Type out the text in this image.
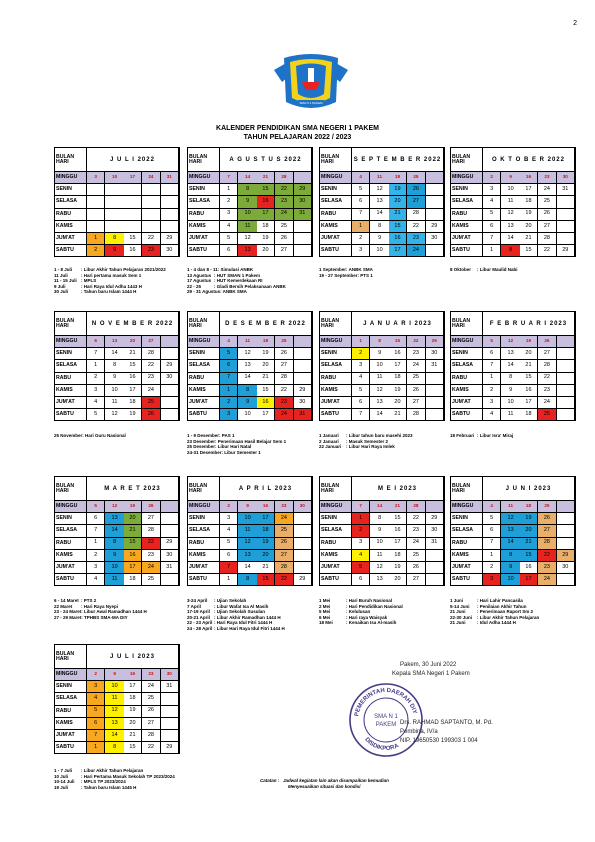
2
SMA N 1 PAKEM
KALENDER PENDIDIKAN SMA NEGERI 1 PAKEM
TAHUN PELAJARAN 2022 / 2023
BULAN	J U L I 2022
HARI
MINGGU	3	10	17	24	31
SENIN
SELASA
RABU
KAMIS
JUM'AT	1	8	15	22	29
SABTU	2	9	16	23	30
BULAN	A G U S T U S 2022
HARI
MINGGU	7	14	21	28
SENIN	1	8	15	22	29
SELASA	2	9	16	23	30
RABU	3	10	17	24	31
KAMIS	4	11	18	25
JUM'AT	5	12	19	26
SABTU	6	13	20	27
BULAN	S E P T E M B E R 2022
HARI
MINGGU	4	11	18	25
SENIN	5	12	19	26
SELASA	6	13	20	27
RABU	7	14	21	28
KAMIS	1	8	15	22	29
JUM'AT	2	9	16	23	30
SABTU	3	10	17	24
BULAN	O K T O B E R 2022
HARI
MINGGU	2	9	16	23	30
SENIN	3	10	17	24	31
SELASA	4	11	18	25
RABU	5	12	19	26
KAMIS	6	13	20	27
JUM'AT	7	14	21	28
SABTU	1	8	15	22	29
BULAN	N O V E M B E R 2022
HARI
MINGGU	6	13	20	27
SENIN	7	14	21	28
SELASA	1	8	15	22	29
RABU	2	9	16	23	30
KAMIS	3	10	17	24
JUM'AT	4	11	18	25
SABTU	5	12	19	26
BULAN	D E S E M B E R 2022
HARI
MINGGU	4	11	18	25
SENIN	5	12	19	26
SELASA	6	13	20	27
RABU	7	14	21	28
KAMIS	1	8	15	22	29
JUM'AT	2	9	16	23	30
SABTU	3	10	17	24	31
BULAN	J A N U A R I 2023
HARI
MINGGU	1	8	15	22	29
SENIN	2	9	16	23	30
SELASA	3	10	17	24	31
RABU	4	11	18	25
KAMIS	5	12	19	26
JUM'AT	6	13	20	27
SABTU	7	14	21	28
BULAN	F E B R U A R I 2023
HARI
MINGGU	5	12	19	26
SENIN	6	13	20	27
SELASA	7	14	21	28
RABU	1	8	15	22
KAMIS	2	9	16	23
JUM'AT	3	10	17	24
SABTU	4	11	18	25
BULAN	M A R E T 2023
HARI
MINGGU	5	12	19	26
SENIN	6	13	20	27
SELASA	7	14	21	28
RABU	1	8	15	22	29
KAMIS	2	9	16	23	30
JUM'AT	3	10	17	24	31
SABTU	4	11	18	25
BULAN	A P R I L 2023
HARI
MINGGU	2	9	16	23	30
SENIN	3	10	17	24
SELASA	4	11	18	25
RABU	5	12	19	26
KAMIS	6	13	20	27
JUM'AT	7	14	21	28
SABTU	1	8	15	22	29
BULAN	M E I 2023
HARI
MINGGU	7	14	21	28
SENIN	1	8	15	22	29
SELASA	2	9	16	23	30
RABU	3	10	17	24	31
KAMIS	4	11	18	25
JUM'AT	5	12	19	26
SABTU	6	13	20	27
BULAN	J U N I 2023
HARI
MINGGU	4	11	18	25
SENIN	5	12	19	26
SELASA	6	13	20	27
RABU	7	14	21	28
KAMIS	1	8	15	22	29
JUM'AT	2	9	16	23	30
SABTU	3	10	17	24
BULAN	J U L I 2023
HARI
MINGGU	2	9	16	23	30
SENIN	3	10	17	24	31
SELASA	4	11	18	25
RABU	5	12	19	26
KAMIS	6	13	20	27
JUM'AT	7	14	21	28
SABTU	1	8	15	22	29
Catatan : Jadwal kegiatan lain akan disampaikan kemudian
Menyesuaikan situasi dan kondisi
PEMERINTAH DAERAH DIY
DISDIKPORA
SMA N 1
PAKEM
Pakem, 30 Juni 2022
Kepala SMA Negeri 1 Pakem
Drs. RAHMAD SAPTANTO, M. Pd.
Pembina, IV/a
NIP. 19650530 199303 1 004
1 - 8 Juli	: Libur Akhir Tahun Pelajaran 2021/2022
11 Juli	: Hari pertama masuk Sem 1
11 - 15 Juli : MPLS
9 Juli	: Hari Raya Idul Adha 1443 H
30 Juli	: Tahun baru Islam 1444 H
1 - 4 dan 8 - 11 : Simulasi ANBK
13 Agustus : HUT SMAN 1 Pakem
17 Agustus : HUT Kemerdekaan RI
22 - 25	: Gladi Bersih Pelaksanaan ANBK
29 - 31 Agustus : ANBK SMA
1 September : ANBK SMA
19 - 27 September : PTS 1
8 Oktober	: Libur Maulid Nabi
25 November : Hari Guru Nasional	1 - 9 Desember : PAS 1
23 Desember : Penerimaan Hasil Belajar Sem 1
25 Desember : Libur Hari Natal
24-31 Desember : Libur Semester 1
1 Januari	: Libur tahun baru masehi 2023
2 Januari	: Masuk Semester 2
22 Januari	: Libur Hari Raya Imlek
18 Februari : Libur Isra' Miraj
6 - 14 Maret : PTS 2
22 Maret	: Hari Raya Nyepi
23 - 24 Maret : Libur Awal Ramadhan 1444 H
27 - 29 Maret : TPHBS SMA-MA DIY
3-24 April	: Ujian Sekolah
7 April	: Libur Wafat Isa Al Masih
17-19 April : Ujian Sekolah Susulan
20-21 April : Libur Akhir Ramadhan 1444 H
22 - 23 April : Hari Raya Idul Fitri 1444 H
24 - 28 April : Libur Hari Raya Idul Fitri 1444 H
1 Mei	: Hari Buruh Nasional
2 Mei	: Hari Pendidikan Nasional
5 Mei	: Kelulusan
6 Mei	: Hari raya Waisyak
18 Mei	: Kenaikan Isa Al-masih
1 Juni	: Hari Lahir Pancasila
5-14 Juni	: Penilaian Akhir Tahun
21 Juni	: Penerimaan Raport Sm 2
22-30 Juni	: Libur Akhir Tahun Pelajaran
21 Juni	: Idul Adha 1444 H
1 - 7 Juli	: Libur Akhir Tahun Pelajaran
10 Juli	: Hari Pertama Masuk Sekolah TP 2023/2024
10-14 Juli	: MPLS TP 2023/2024
19 Juli	: Tahun baru Islam 1445 H
